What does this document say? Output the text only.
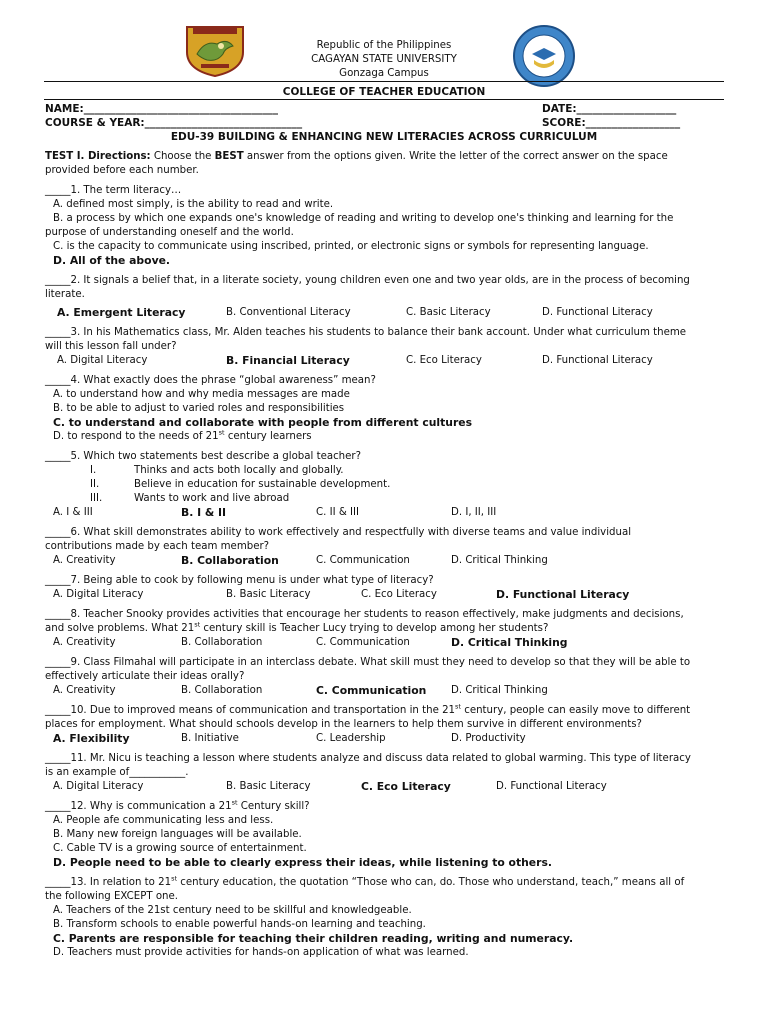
CTE
Republic of the Philippines
CAGAYAN STATE UNIVERSITY
Gonzaga Campus
COLLEGE OF TEACHER EDUCATION
NAME:_____________________________________	DATE:___________________
COURSE & YEAR:______________________________	SCORE:__________________
EDU-39 BUILDING & ENHANCING NEW LITERACIES ACROSS CURRICULUM
TEST I. Directions: Choose the BEST answer from the options given. Write the letter of the correct answer on the space
provided before each number.
_____1. The term literacy…
A. defined most simply, is the ability to read and write.
B. a process by which one expands one's knowledge of reading and writing to develop one's thinking and learning for the
purpose of understanding oneself and the world.
C. is the capacity to communicate using inscribed, printed, or electronic signs or symbols for representing language.
D. All of the above.
_____2. It signals a belief that, in a literate society, young children even one and two year olds, are in the process of becoming
literate.
A. Emergent Literacy	B. Conventional Literacy	C. Basic Literacy	D. Functional Literacy
_____3. In his Mathematics class, Mr. Alden teaches his students to balance their bank account. Under what curriculum theme
will this lesson fall under?
A. Digital Literacy	B. Financial Literacy	C. Eco Literacy	D. Functional Literacy
_____4. What exactly does the phrase “global awareness” mean?
A. to understand how and why media messages are made
B. to be able to adjust to varied roles and responsibilities
C. to understand and collaborate with people from different cultures
D. to respond to the needs of 21st century learners
_____5. Which two statements best describe a global teacher?
I.	Thinks and acts both locally and globally.
II.	Believe in education for sustainable development.
III.	Wants to work and live abroad
A. I & III	B. I & II	C. II & III	D. I, II, III
_____6. What skill demonstrates ability to work effectively and respectfully with diverse teams and value individual
contributions made by each team member?
A. Creativity	B. Collaboration	C. Communication	D. Critical Thinking
_____7. Being able to cook by following menu is under what type of literacy?
A. Digital Literacy	B. Basic Literacy	C. Eco Literacy	D. Functional Literacy
_____8. Teacher Snooky provides activities that encourage her students to reason effectively, make judgments and decisions,
and solve problems. What 21st century skill is Teacher Lucy trying to develop among her students?
A. Creativity	B. Collaboration	C. Communication	D. Critical Thinking
_____9. Class Filmahal will participate in an interclass debate. What skill must they need to develop so that they will be able to
effectively articulate their ideas orally?
A. Creativity	B. Collaboration	C. Communication D. Critical Thinking
_____10. Due to improved means of communication and transportation in the 21st century, people can easily move to different
places for employment. What should schools develop in the learners to help them survive in different environments?
A. Flexibility	B. Initiative	C. Leadership	D. Productivity
_____11. Mr. Nicu is teaching a lesson where students analyze and discuss data related to global warming. This type of literacy
is an example of___________.
A. Digital Literacy	B. Basic Literacy	C. Eco Literacy	D. Functional Literacy
_____12. Why is communication a 21st Century skill?
A. People afe communicating less and less.
B. Many new foreign languages will be available.
C. Cable TV is a growing source of entertainment.
D. People need to be able to clearly express their ideas, while listening to others.
_____13. In relation to 21st century education, the quotation “Those who can, do. Those who understand, teach,” means all of
the following EXCEPT one.
A. Teachers of the 21st century need to be skillful and knowledgeable.
B. Transform schools to enable powerful hands-on learning and teaching.
C. Parents are responsible for teaching their children reading, writing and numeracy.
D. Teachers must provide activities for hands-on application of what was learned.
